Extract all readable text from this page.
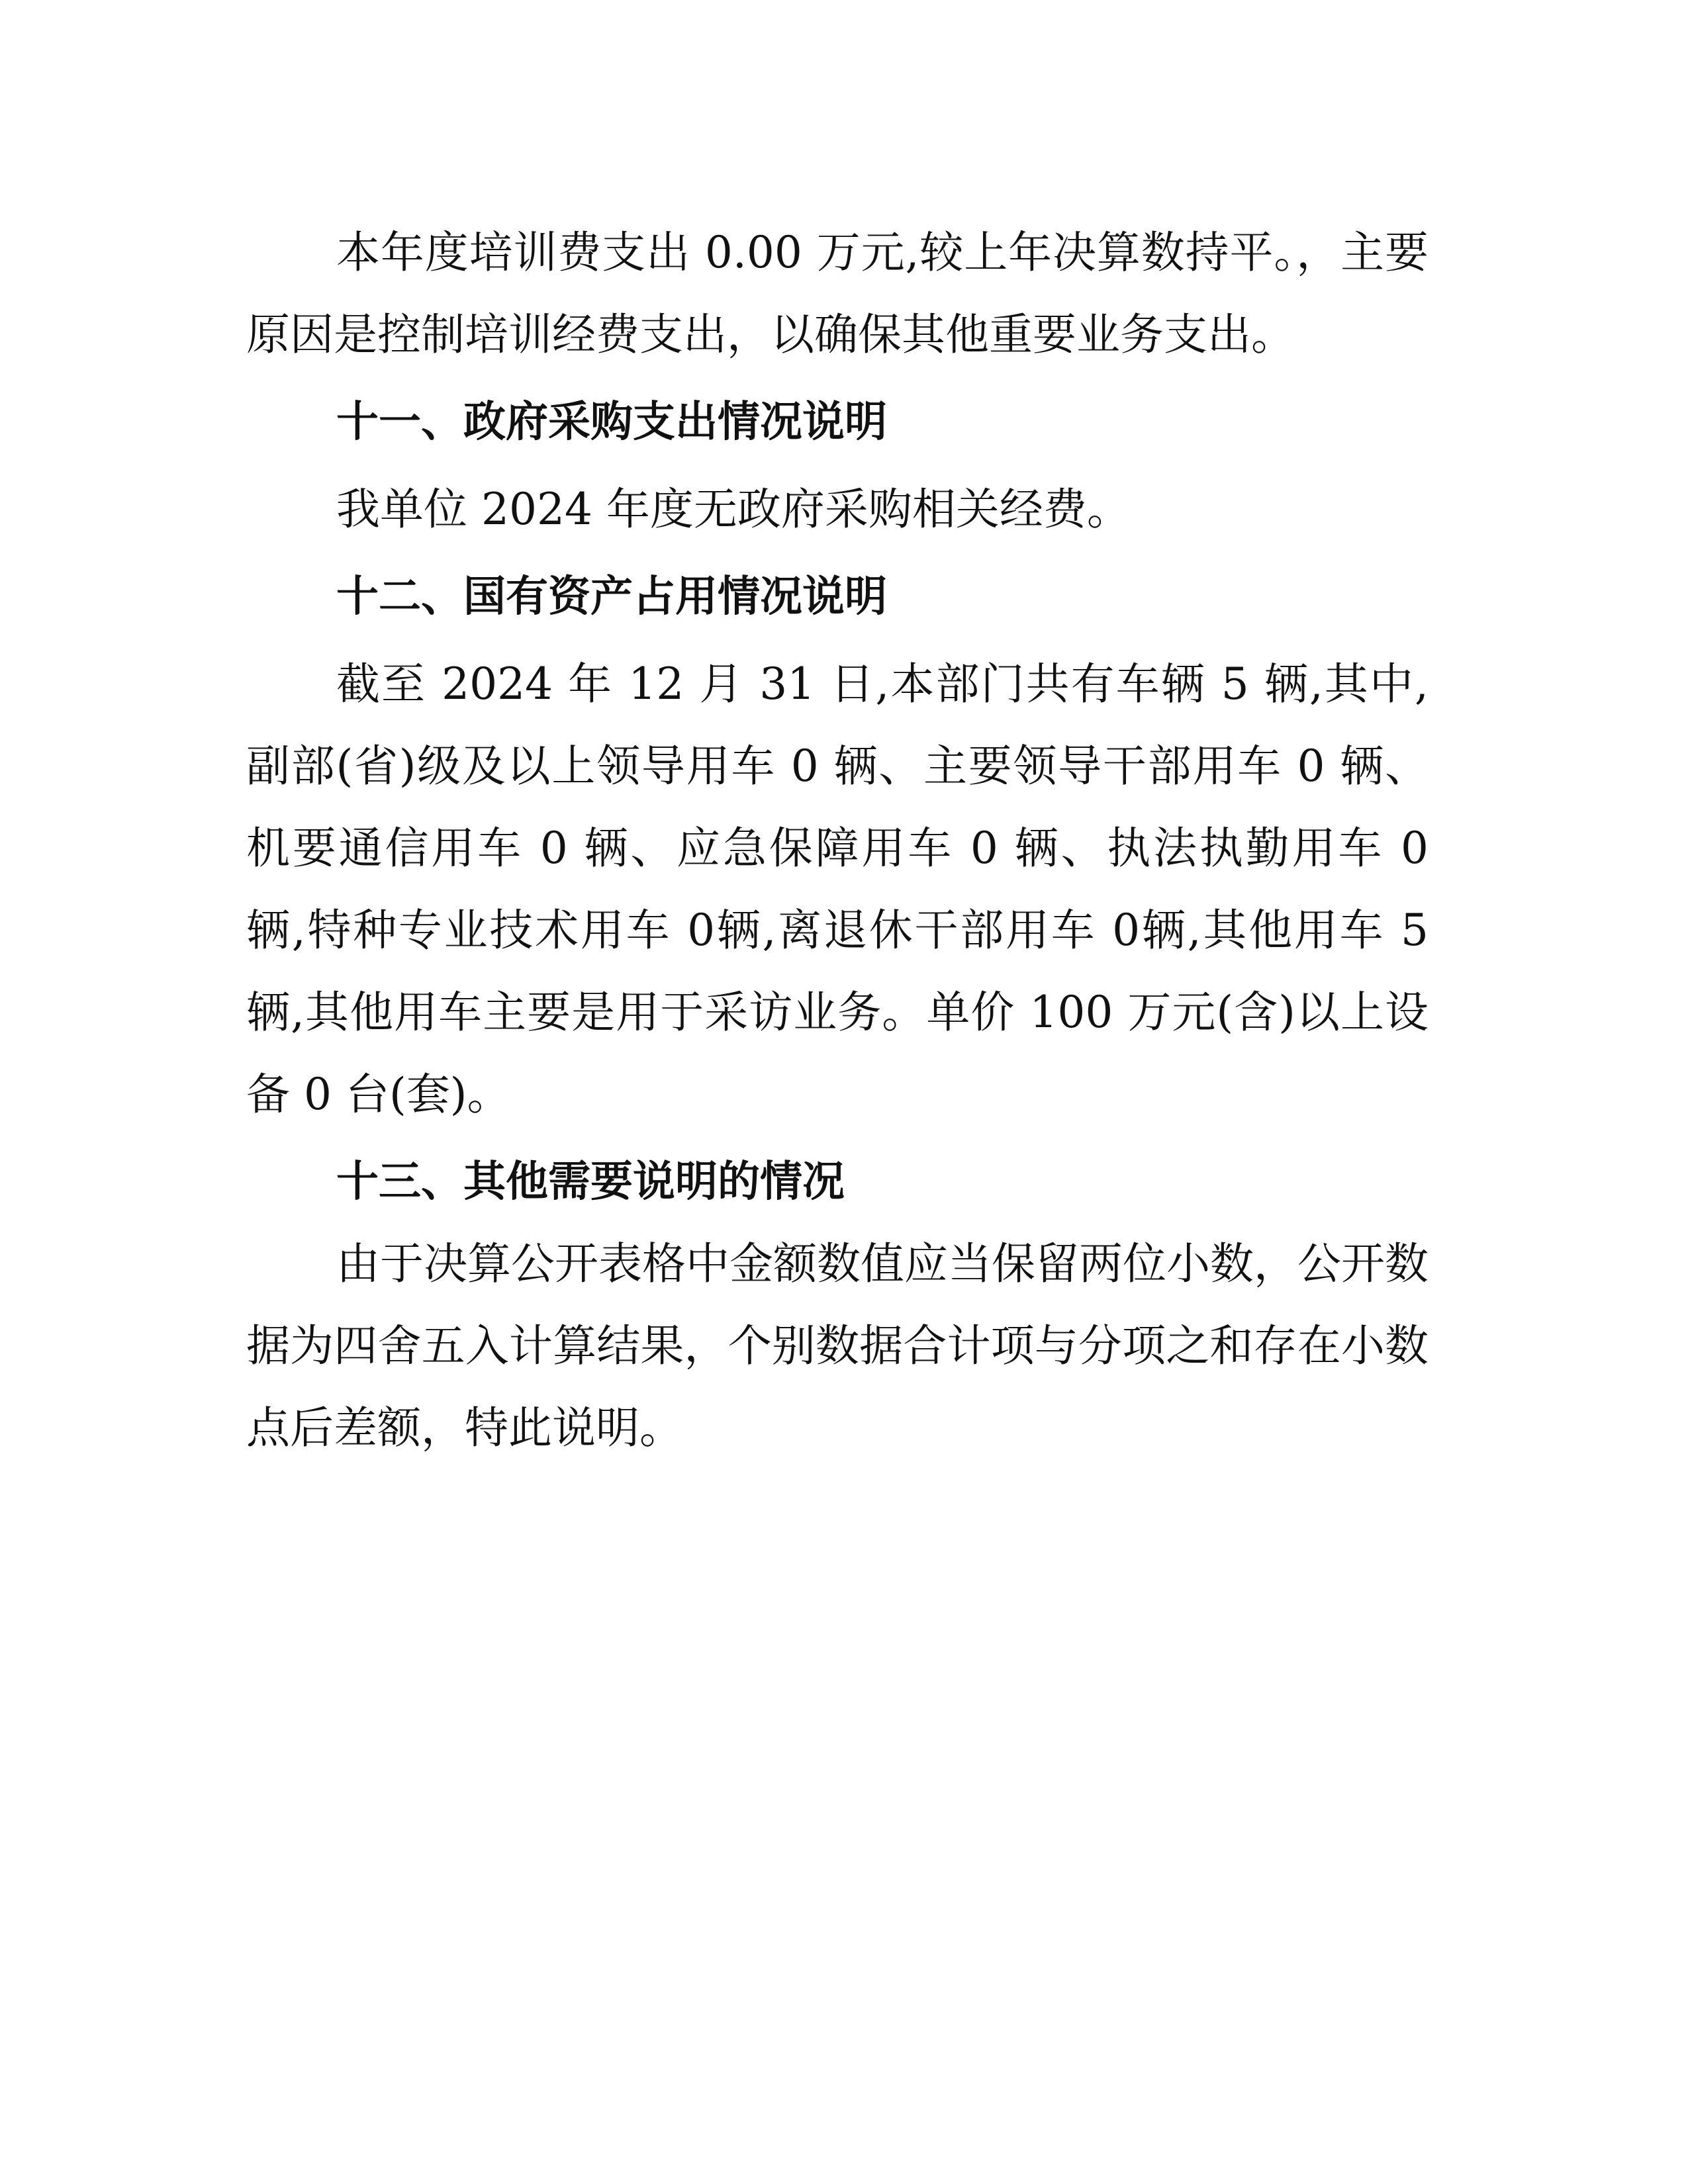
本年度培训费支出 0.00 万元,较上年决算数持平。，主要原因是控制培训经费支出，以确保其他重要业务支出。

十一、政府采购支出情况说明

我单位 2024 年度无政府采购相关经费。

十二、国有资产占用情况说明

截至 2024 年 12 月 31 日,本部门共有车辆 5 辆,其中,副部(省)级及以上领导用车 0 辆、主要领导干部用车 0 辆、机要通信用车 0 辆、应急保障用车 0 辆、执法执勤用车 0 辆,特种专业技术用车 0辆,离退休干部用车 0辆,其他用车 5辆,其他用车主要是用于采访业务。单价 100 万元(含)以上设备 0 台(套)。

十三、其他需要说明的情况

由于决算公开表格中金额数值应当保留两位小数，公开数据为四舍五入计算结果，个别数据合计项与分项之和存在小数点后差额，特此说明。
